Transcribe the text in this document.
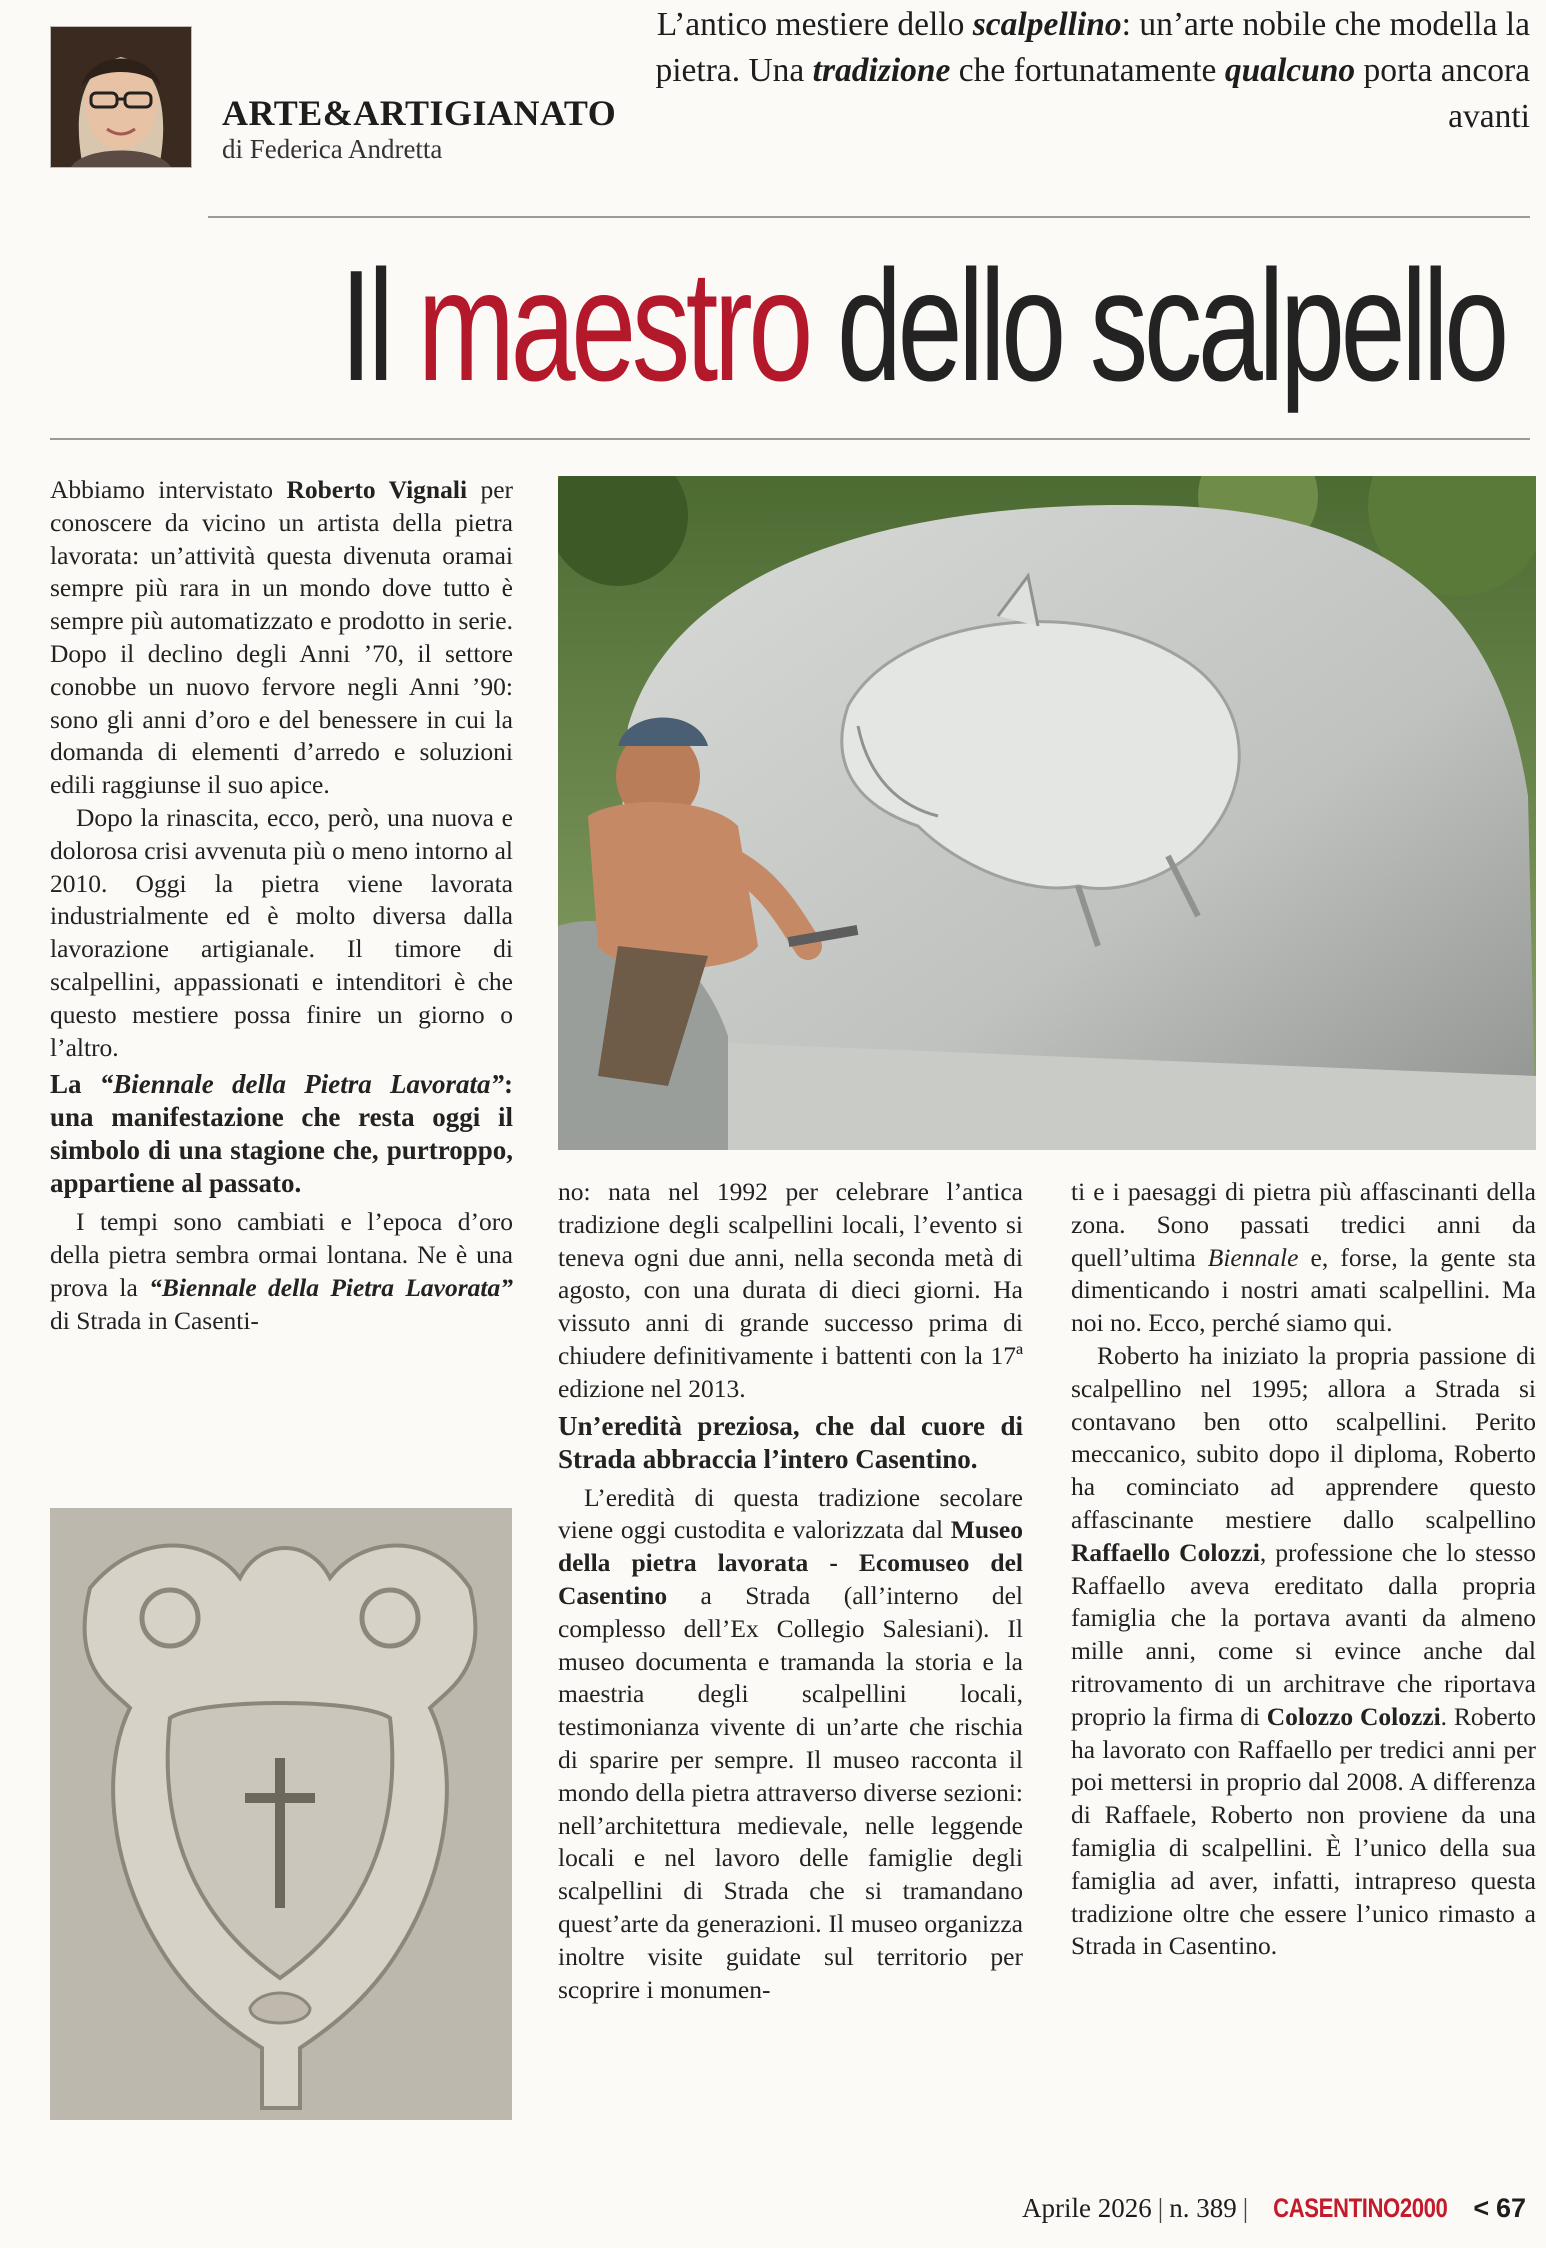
ARTE&ARTIGIANATO
di Federica Andretta
L’antico mestiere dello scalpellino: un’arte nobile che modella la pietra. Una tradizione che fortunatamente qualcuno porta ancora avanti
Il maestro dello scalpello

Abbiamo intervistato Roberto Vignali per conoscere da vicino un artista della pietra lavorata: un’attività questa divenuta oramai sempre più rara in un mondo dove tutto è sempre più automatizzato e prodotto in serie. Dopo il declino degli Anni ’70, il settore conobbe un nuovo fervore negli Anni ’90: sono gli anni d’oro e del benessere in cui la domanda di elementi d’arredo e soluzioni edili raggiunse il suo apice.

Dopo la rinascita, ecco, però, una nuova e dolorosa crisi avvenuta più o meno intorno al 2010. Oggi la pietra viene lavorata industrialmente ed è molto diversa dalla lavorazione artigianale. Il timore di scalpellini, appassionati e intenditori è che questo mestiere possa finire un giorno o l’altro.

La “Biennale della Pietra Lavorata”: una manifestazione che resta oggi il simbolo di una stagione che, purtroppo, appartiene al passato.

I tempi sono cambiati e l’epoca d’oro della pietra sembra ormai lontana. Ne è una prova la “Biennale della Pietra Lavorata” di Strada in Casenti-

no: nata nel 1992 per celebrare l’antica tradizione degli scalpellini locali, l’evento si teneva ogni due anni, nella seconda metà di agosto, con una durata di dieci giorni. Ha vissuto anni di grande successo prima di chiudere definitivamente i battenti con la 17ª edizione nel 2013.

Un’eredità preziosa, che dal cuore di Strada abbraccia l’intero Casentino.

L’eredità di questa tradizione secolare viene oggi custodita e valorizzata dal Museo della pietra lavorata - Ecomuseo del Casentino a Strada (all’interno del complesso dell’Ex Collegio Salesiani). Il museo documenta e tramanda la storia e la maestria degli scalpellini locali, testimonianza vivente di un’arte che rischia di sparire per sempre. Il museo racconta il mondo della pietra attraverso diverse sezioni: nell’architettura medievale, nelle leggende locali e nel lavoro delle famiglie degli scalpellini di Strada che si tramandano quest’arte da generazioni. Il museo organizza inoltre visite guidate sul territorio per scoprire i monumen-

ti e i paesaggi di pietra più affascinanti della zona. Sono passati tredici anni da quell’ultima Biennale e, forse, la gente sta dimenticando i nostri amati scalpellini. Ma noi no. Ecco, perché siamo qui.

Roberto ha iniziato la propria passione di scalpellino nel 1995; allora a Strada si contavano ben otto scalpellini. Perito meccanico, subito dopo il diploma, Roberto ha cominciato ad apprendere questo affascinante mestiere dallo scalpellino Raffaello Colozzi, professione che lo stesso Raffaello aveva ereditato dalla propria famiglia che la portava avanti da almeno mille anni, come si evince anche dal ritrovamento di un architrave che riportava proprio la firma di Colozzo Colozzi. Roberto ha lavorato con Raffaello per tredici anni per poi mettersi in proprio dal 2008. A differenza di Raffaele, Roberto non proviene da una famiglia di scalpellini. È l’unico della sua famiglia ad aver, infatti, intrapreso questa tradizione oltre che essere l’unico rimasto a Strada in Casentino.

Aprile 2026 | n. 389 | CASENTINO2000 < 67
